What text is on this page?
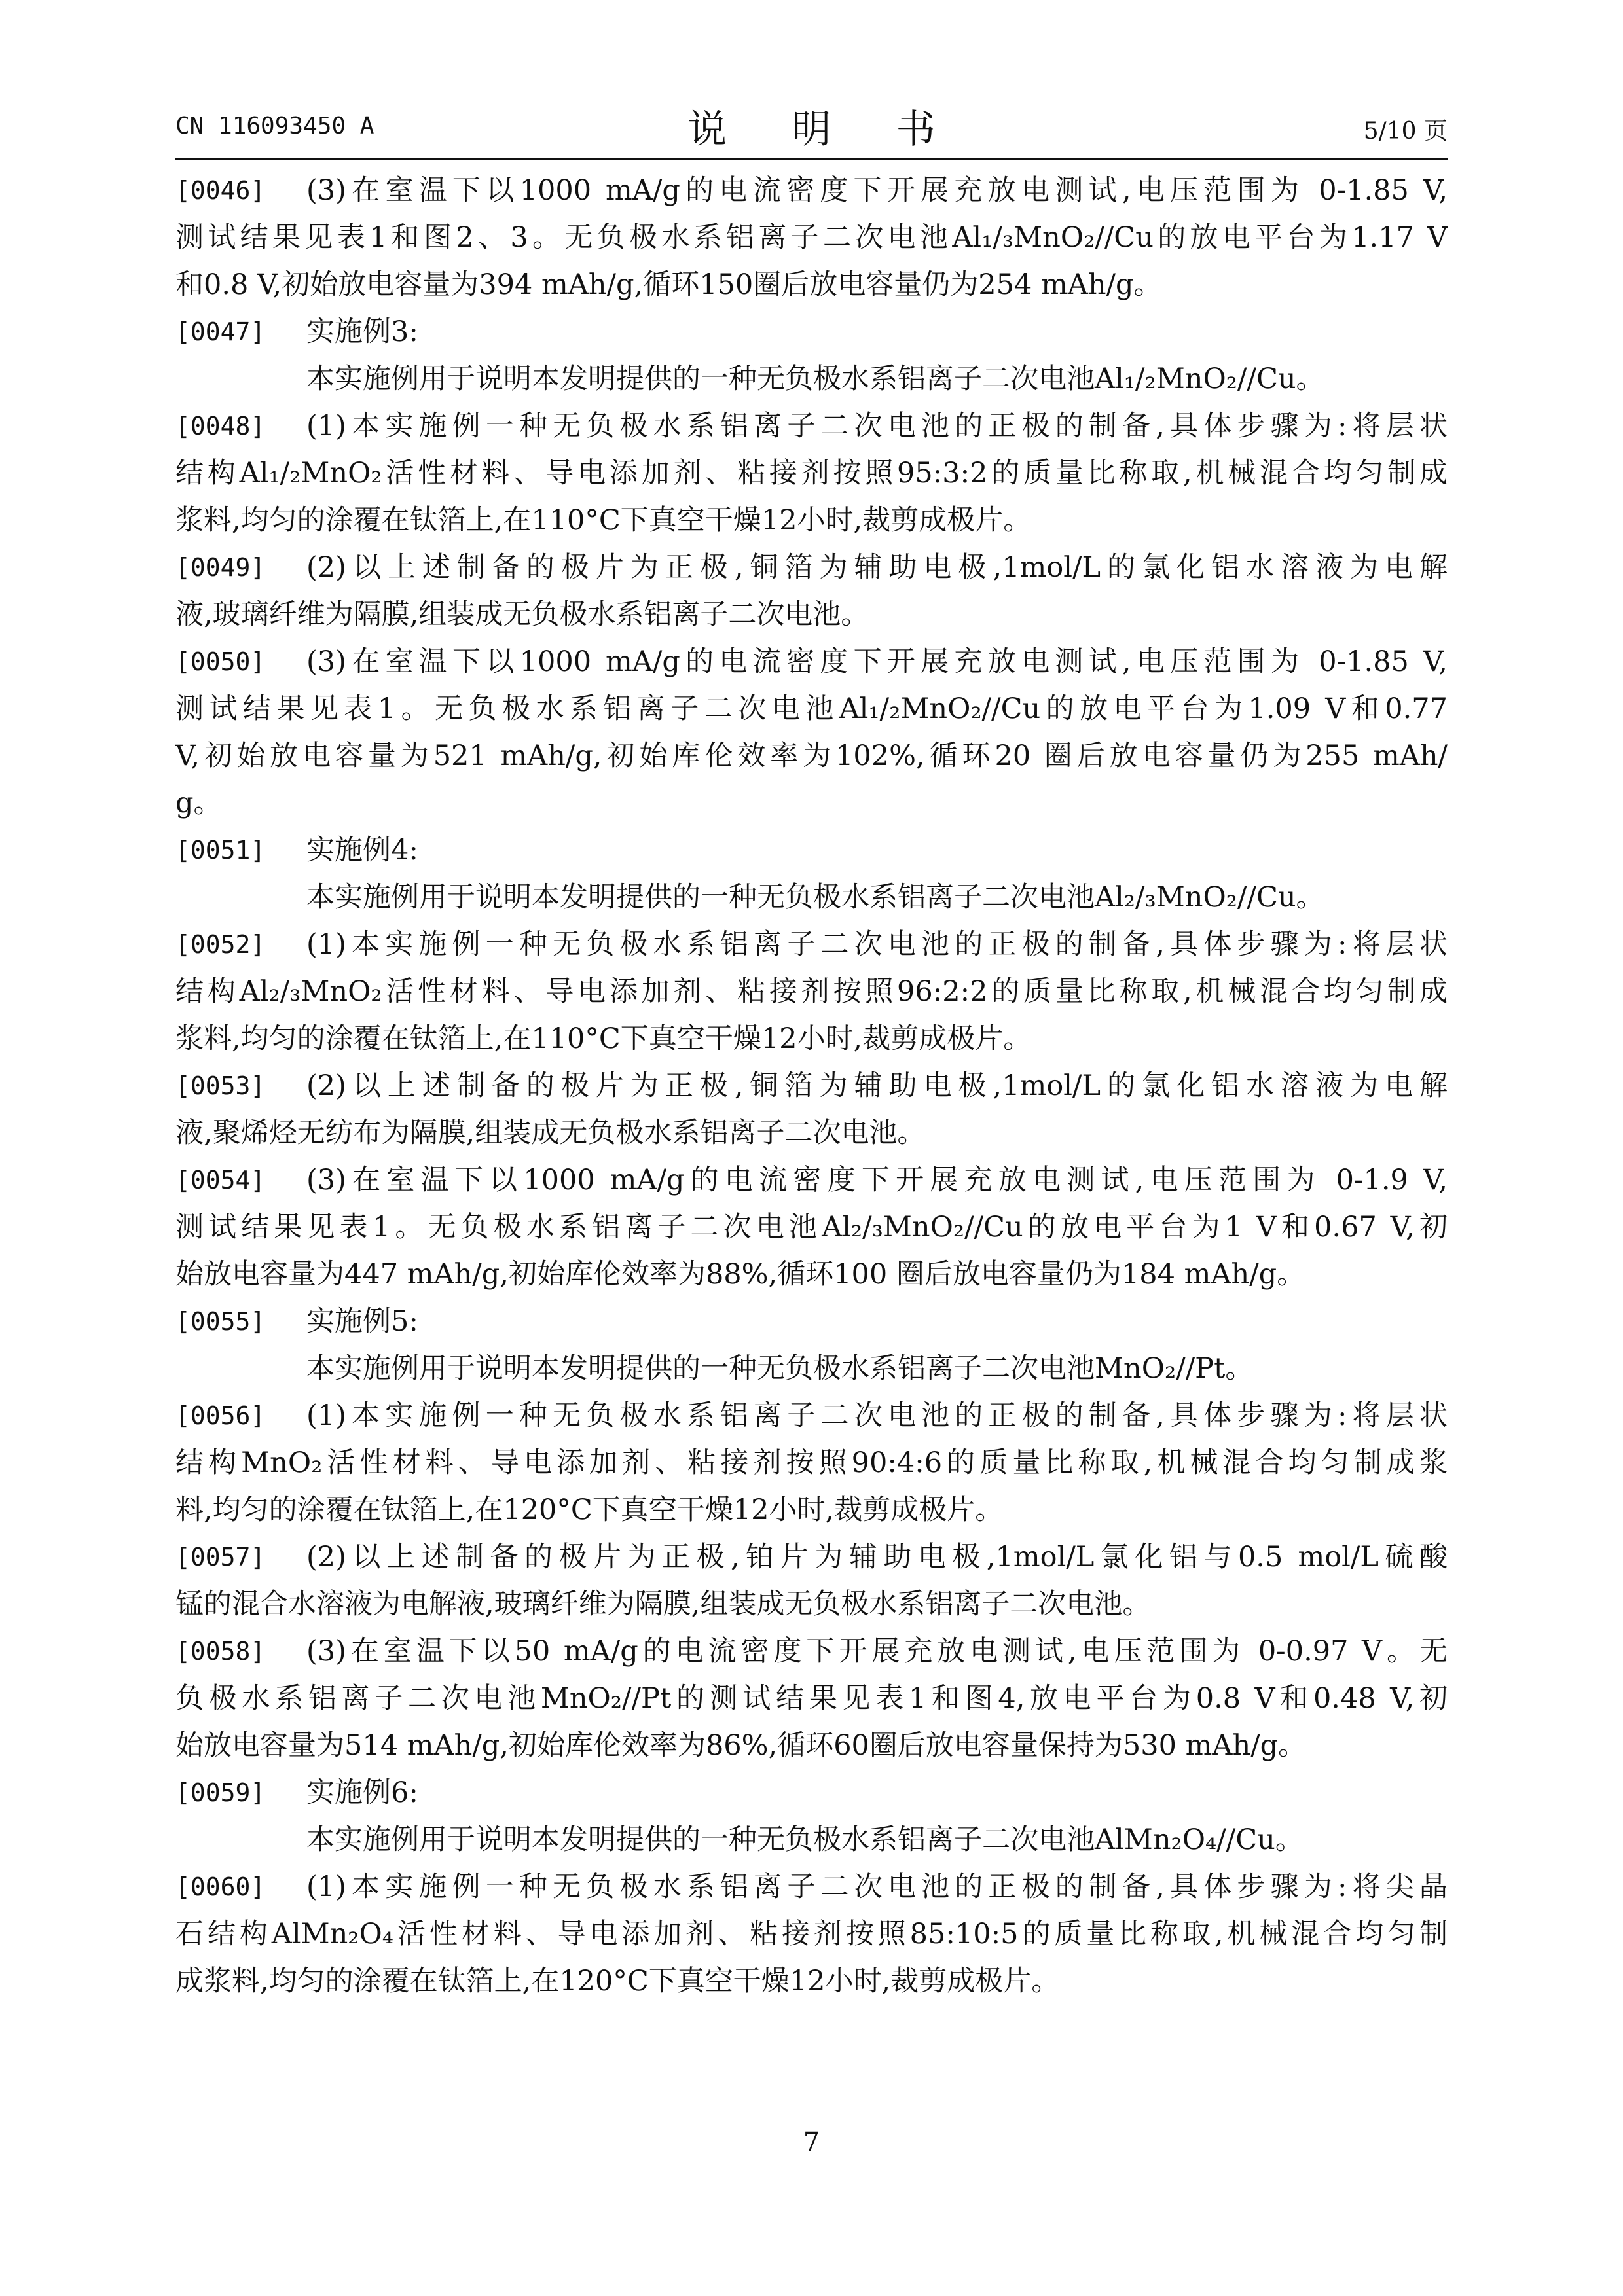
CN 116093450 A	说 明 书	5/10 页
[0046]	(3)在室温下以1000 mA/g的电流密度下开展充放电测试,电压范围为 0-1.85 V,
测试结果见表1和图2、3。无负极水系铝离子二次电池Al₁/₃MnO₂//Cu的放电平台为1.17 V
和0.8 V,初始放电容量为394 mAh/g,循环150圈后放电容量仍为254 mAh/g。
[0047]	实施例3:
本实施例用于说明本发明提供的一种无负极水系铝离子二次电池Al₁/₂MnO₂//Cu。
[0048]	(1)本实施例一种无负极水系铝离子二次电池的正极的制备,具体步骤为:将层状
结构Al₁/₂MnO₂活性材料、导电添加剂、粘接剂按照95:3:2的质量比称取,机械混合均匀制成
浆料,均匀的涂覆在钛箔上,在110°C下真空干燥12小时,裁剪成极片。
[0049]	(2)以上述制备的极片为正极,铜箔为辅助电极,1mol/L的氯化铝水溶液为电解
液,玻璃纤维为隔膜,组装成无负极水系铝离子二次电池。
[0050]	(3)在室温下以1000 mA/g的电流密度下开展充放电测试,电压范围为 0-1.85 V,
测试结果见表1。无负极水系铝离子二次电池Al₁/₂MnO₂//Cu的放电平台为1.09 V和0.77
V,初始放电容量为521 mAh/g,初始库伦效率为102%,循环20 圈后放电容量仍为255 mAh/
g。
[0051]	实施例4:
本实施例用于说明本发明提供的一种无负极水系铝离子二次电池Al₂/₃MnO₂//Cu。
[0052]	(1)本实施例一种无负极水系铝离子二次电池的正极的制备,具体步骤为:将层状
结构Al₂/₃MnO₂活性材料、导电添加剂、粘接剂按照96:2:2的质量比称取,机械混合均匀制成
浆料,均匀的涂覆在钛箔上,在110°C下真空干燥12小时,裁剪成极片。
[0053]	(2)以上述制备的极片为正极,铜箔为辅助电极,1mol/L的氯化铝水溶液为电解
液,聚烯烃无纺布为隔膜,组装成无负极水系铝离子二次电池。
[0054]	(3)在室温下以1000 mA/g的电流密度下开展充放电测试,电压范围为 0-1.9 V,
测试结果见表1。无负极水系铝离子二次电池Al₂/₃MnO₂//Cu的放电平台为1 V和0.67 V,初
始放电容量为447 mAh/g,初始库伦效率为88%,循环100 圈后放电容量仍为184 mAh/g。
[0055]	实施例5:
本实施例用于说明本发明提供的一种无负极水系铝离子二次电池MnO₂//Pt。
[0056]	(1)本实施例一种无负极水系铝离子二次电池的正极的制备,具体步骤为:将层状
结构MnO₂活性材料、导电添加剂、粘接剂按照90:4:6的质量比称取,机械混合均匀制成浆
料,均匀的涂覆在钛箔上,在120°C下真空干燥12小时,裁剪成极片。
[0057]	(2)以上述制备的极片为正极,铂片为辅助电极,1mol/L氯化铝与0.5 mol/L硫酸
锰的混合水溶液为电解液,玻璃纤维为隔膜,组装成无负极水系铝离子二次电池。
[0058]	(3)在室温下以50 mA/g的电流密度下开展充放电测试,电压范围为 0-0.97 V。无
负极水系铝离子二次电池MnO₂//Pt的测试结果见表1和图4,放电平台为0.8 V和0.48 V,初
始放电容量为514 mAh/g,初始库伦效率为86%,循环60圈后放电容量保持为530 mAh/g。
[0059]	实施例6:
本实施例用于说明本发明提供的一种无负极水系铝离子二次电池AlMn₂O₄//Cu。
[0060]	(1)本实施例一种无负极水系铝离子二次电池的正极的制备,具体步骤为:将尖晶
石结构AlMn₂O₄活性材料、导电添加剂、粘接剂按照85:10:5的质量比称取,机械混合均匀制
成浆料,均匀的涂覆在钛箔上,在120°C下真空干燥12小时,裁剪成极片。
7
